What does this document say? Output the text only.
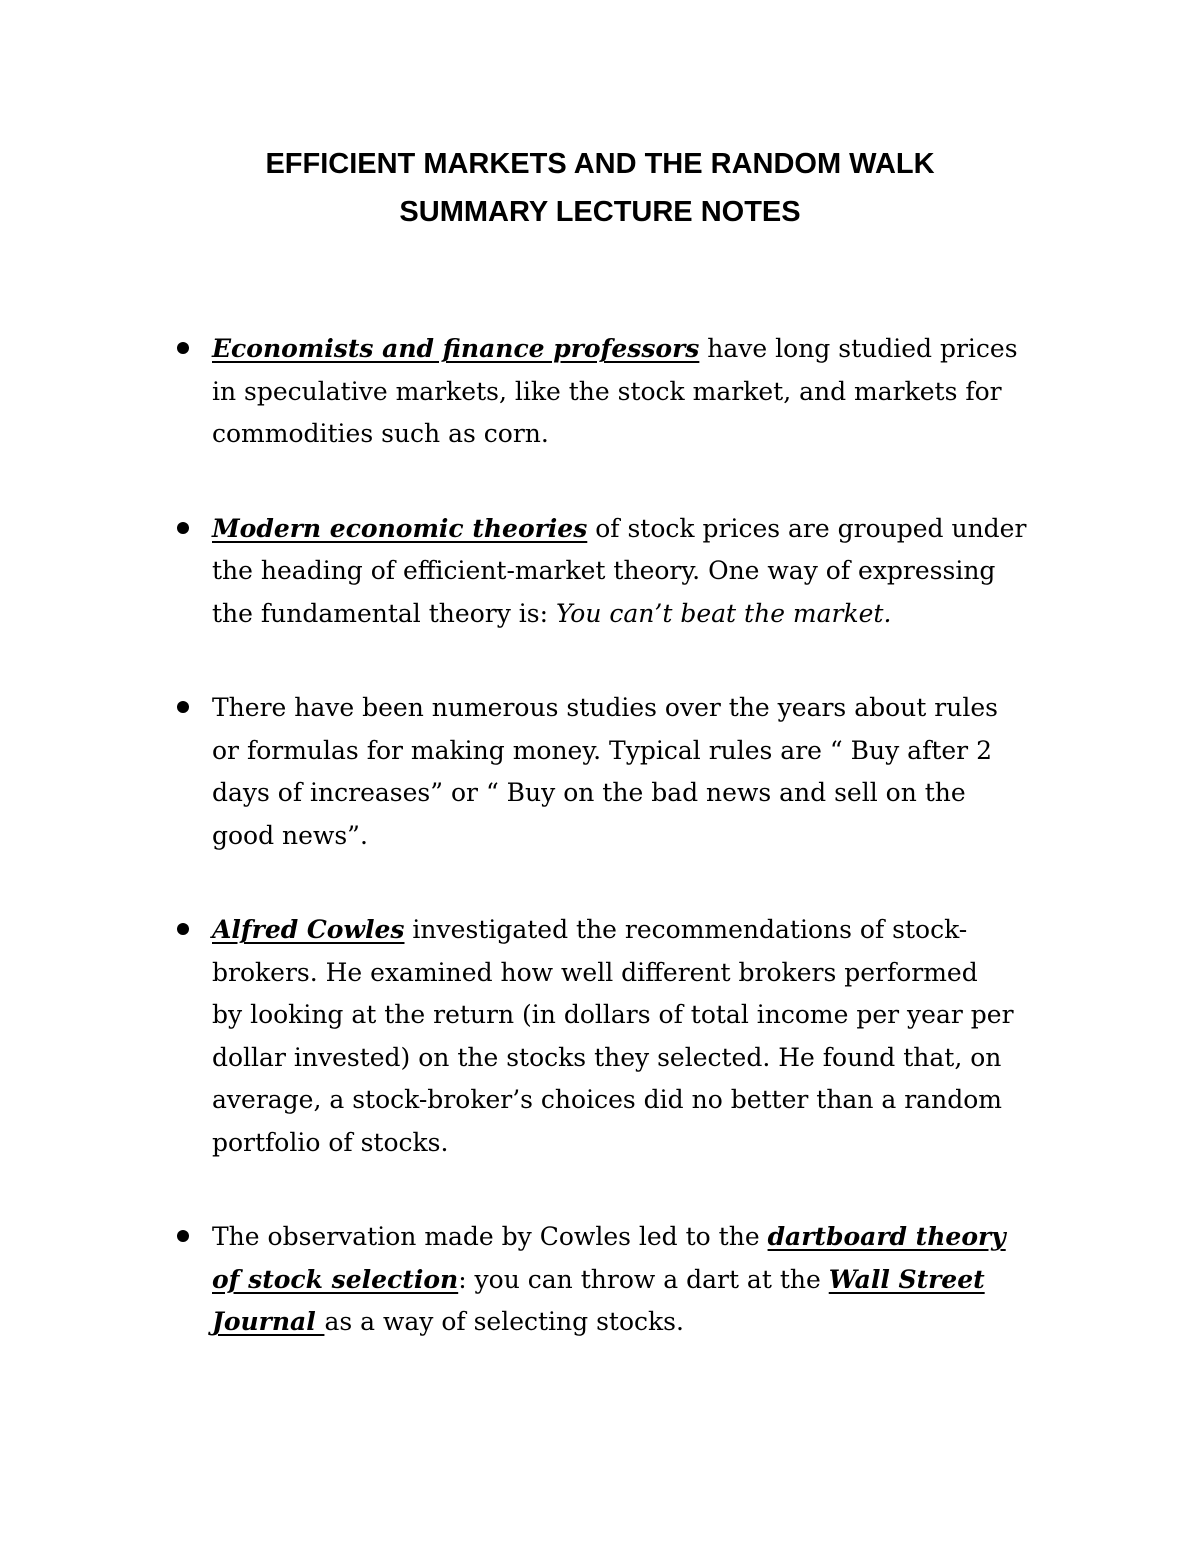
EFFICIENT MARKETS AND THE RANDOM WALK
SUMMARY LECTURE NOTES
Economists and finance professors have long studied prices
in speculative markets, like the stock market, and markets for
commodities such as corn.
Modern economic theories of stock prices are grouped under
the heading of efficient-market theory. One way of expressing
the fundamental theory is: You can’t beat the market.
There have been numerous studies over the years about rules
or formulas for making money. Typical rules are “ Buy after 2
days of increases” or “ Buy on the bad news and sell on the
good news”.
Alfred Cowles investigated the recommendations of stock-
brokers. He examined how well different brokers performed
by looking at the return (in dollars of total income per year per
dollar invested) on the stocks they selected. He found that, on
average, a stock-broker’s choices did no better than a random
portfolio of stocks.
The observation made by Cowles led to the dartboard theory
of stock selection: you can throw a dart at the Wall Street
Journal as a way of selecting stocks.
